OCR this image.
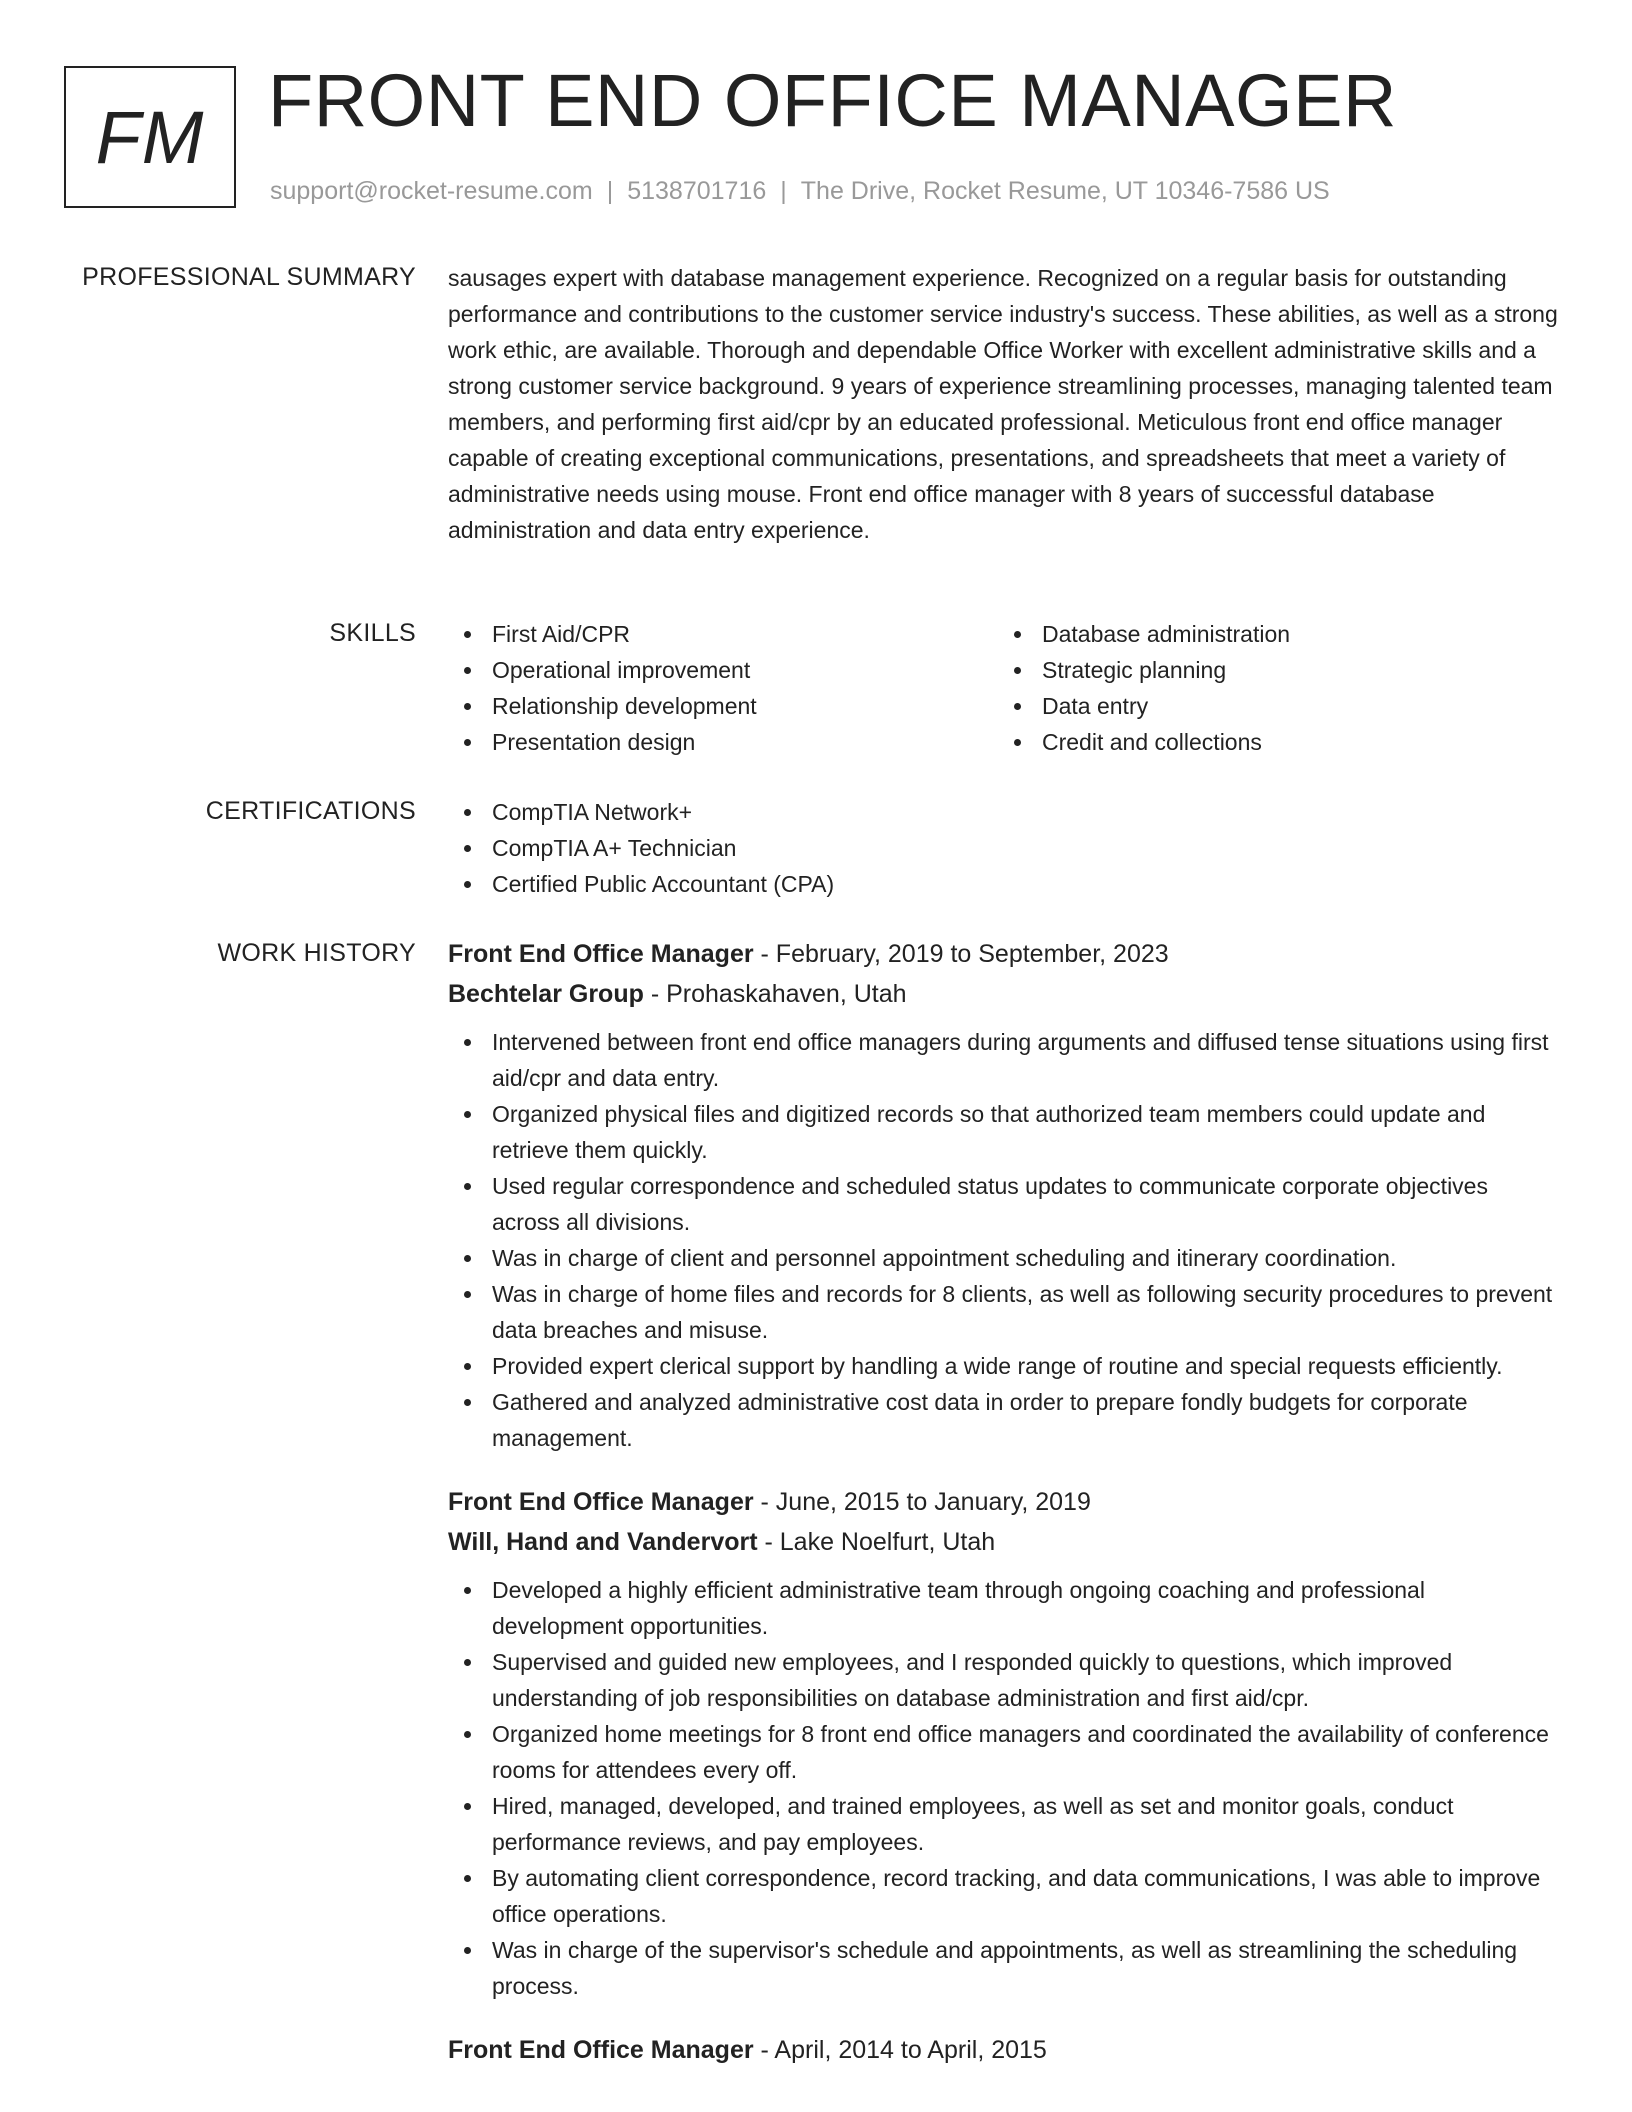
FM FRONT END OFFICE MANAGER
support@rocket-resume.com | 5138701716 | The Drive, Rocket Resume, UT 10346-7586 US
PROFESSIONAL SUMMARY sausages expert with database management experience. Recognized on a regular basis for outstanding performance and contributions to the customer service industry's success. These abilities, as well as a strong work ethic, are available. Thorough and dependable Office Worker with excellent administrative skills and a strong customer service background. 9 years of experience streamlining processes, managing talented team members, and performing first aid/cpr by an educated professional. Meticulous front end office manager capable of creating exceptional communications, presentations, and spreadsheets that meet a variety of administrative needs using mouse. Front end office manager with 8 years of successful database administration and data entry experience.

SKILLS	First Aid/CPR
Operational improvement
Relationship development
Presentation design
Database administration
Strategic planning
Data entry
Credit and collections
CERTIFICATIONS	CompTIA Network+
CompTIA A+ Technician
Certified Public Accountant (CPA)
WORK HISTORY Front End Office Manager - February, 2019 to September, 2023

Bechtelar Group - Prohaskahaven, Utah

Intervened between front end office managers during arguments and diffused tense situations using first aid/cpr and data entry.
Organized physical files and digitized records so that authorized team members could update and retrieve them quickly.
Used regular correspondence and scheduled status updates to communicate corporate objectives across all divisions.
Was in charge of client and personnel appointment scheduling and itinerary coordination.
Was in charge of home files and records for 8 clients, as well as following security procedures to prevent data breaches and misuse.
Provided expert clerical support by handling a wide range of routine and special requests efficiently.
Gathered and analyzed administrative cost data in order to prepare fondly budgets for corporate management.

Front End Office Manager - June, 2015 to January, 2019

Will, Hand and Vandervort - Lake Noelfurt, Utah

Developed a highly efficient administrative team through ongoing coaching and professional development opportunities.
Supervised and guided new employees, and I responded quickly to questions, which improved understanding of job responsibilities on database administration and first aid/cpr.
Organized home meetings for 8 front end office managers and coordinated the availability of conference rooms for attendees every off.
Hired, managed, developed, and trained employees, as well as set and monitor goals, conduct performance reviews, and pay employees.
By automating client correspondence, record tracking, and data communications, I was able to improve office operations.
Was in charge of the supervisor's schedule and appointments, as well as streamlining the scheduling process.

Front End Office Manager - April, 2014 to April, 2015
